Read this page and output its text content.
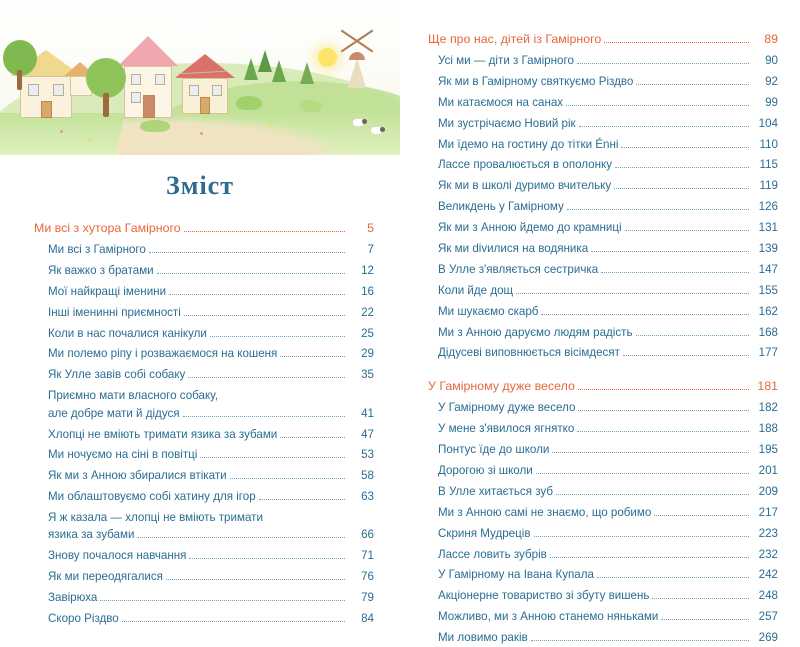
Зміст
Ми всі з хутора Гамірного	5
Ми всі з Гамірного	7
Як важко з братами	12
Мої найкращі іменини	16
Інші іменинні приємності	22
Коли в нас почалися канікули	25
Ми полемо ріпу і розважаємося на кошеня	29
Як Улле завів собі собаку	35
Приємно мати власного собаку,
але добре мати й дідуся	41
Хлопці не вміють тримати язика за зубами	47
Ми ночуємо на сіні в повітці	53
Як ми з Анною збиралися втікати	58
Ми облаштовуємо собі хатину для ігор	63
Я ж казала — хлопці не вміють тримати
язика за зубами	66
Знову почалося навчання	71
Як ми переодягалися	76
Завірюха	79
Скоро Різдво	84
Ще про нас, дітей із Гамірного	89
Усі ми — діти з Гамірного	90
Як ми в Гамірному святкуємо Різдво	92
Ми катаємося на санах	99
Ми зустрічаємо Новий рік	104
Ми їдемо на гостину до тітки Énні	110
Лассе провалюється в ополонку	115
Як ми в школі дуримо вчительку	119
Великдень у Гамірному	126
Як ми з Анною йдемо до крамниці	131
Як ми divилися на водяника	139
В Улле з'являється сестричка	147
Коли йде дощ	155
Ми шукаємо скарб	162
Ми з Анною даруємо людям радість	168
Дідусеві виповнюється вісімдесят	177
У Гамірному дуже весело	181
У Гамірному дуже весело	182
У мене з'явилося ягнятко	188
Понтус їде до школи	195
Дорогою зі школи	201
В Улле хитається зуб	209
Ми з Анною самі не знаємо, що робимо	217
Скриня Мудреців	223
Лассе ловить зубрів	232
У Гамірному на Івана Купала	242
Акціонерне товариство зі збуту вишень	248
Можливо, ми з Анною станемо няньками	257
Ми ловимо раків	269
